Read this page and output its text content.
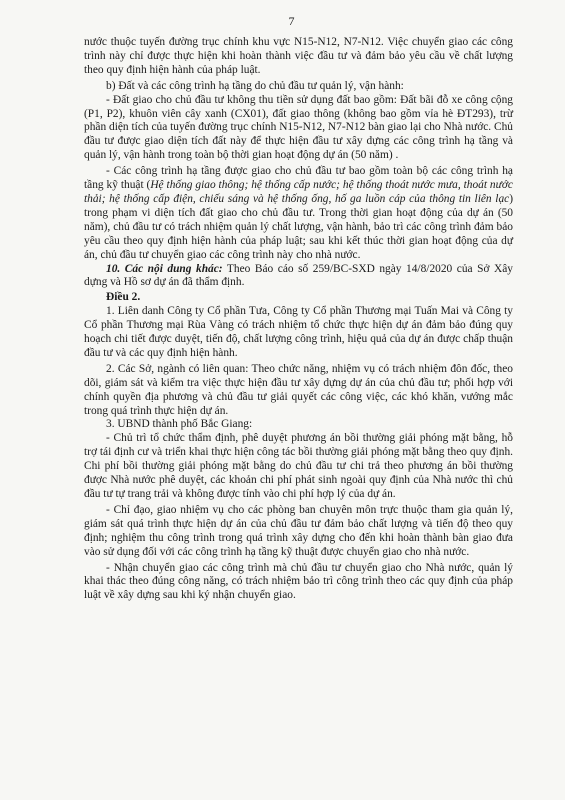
7

nước thuộc tuyến đường trục chính khu vực N15-N12, N7-N12. Việc chuyển giao các công trình này chỉ được thực hiện khi hoàn thành việc đầu tư và đảm bảo yêu cầu về chất lượng theo quy định hiện hành của pháp luật.

b) Đất và các công trình hạ tầng do chủ đầu tư quản lý, vận hành:

- Đất giao cho chủ đầu tư không thu tiền sử dụng đất bao gồm: Đất bãi đỗ xe công cộng (P1, P2), khuôn viên cây xanh (CX01), đất giao thông (không bao gồm vỉa hè ĐT293), trừ phần diện tích của tuyến đường trục chính N15-N12, N7-N12 bàn giao lại cho Nhà nước. Chủ đầu tư được giao diện tích đất này để thực hiện đầu tư xây dựng các công trình hạ tầng và quản lý, vận hành trong toàn bộ thời gian hoạt động dự án (50 năm) .

- Các công trình hạ tầng được giao cho chủ đầu tư bao gồm toàn bộ các công trình hạ tầng kỹ thuật (Hệ thống giao thông; hệ thống cấp nước; hệ thống thoát nước mưa, thoát nước thải; hệ thống cấp điện, chiếu sáng và hệ thống ống, hố ga luồn cáp của thông tin liên lạc) trong phạm vi diện tích đất giao cho chủ đầu tư. Trong thời gian hoạt động của dự án (50 năm), chủ đầu tư có trách nhiệm quản lý chất lượng, vận hành, bảo trì các công trình đảm bảo yêu cầu theo quy định hiện hành của pháp luật; sau khi kết thúc thời gian hoạt động của dự án, chủ đầu tư chuyển giao các công trình này cho nhà nước.

10. Các nội dung khác: Theo Báo cáo số 259/BC-SXD ngày 14/8/2020 của Sở Xây dựng và Hồ sơ dự án đã thẩm định.

Điều 2.

1. Liên danh Công ty Cổ phần Tưa, Công ty Cổ phần Thương mại Tuấn Mai và Công ty Cổ phần Thương mại Rùa Vàng có trách nhiệm tổ chức thực hiện dự án đảm bảo đúng quy hoạch chi tiết được duyệt, tiến độ, chất lượng công trình, hiệu quả của dự án được chấp thuận đầu tư và các quy định hiện hành.

2. Các Sở, ngành có liên quan: Theo chức năng, nhiệm vụ có trách nhiệm đôn đốc, theo dõi, giám sát và kiểm tra việc thực hiện đầu tư xây dựng dự án của chủ đầu tư; phối hợp với chính quyền địa phương và chủ đầu tư giải quyết các công việc, các khó khăn, vướng mắc trong quá trình thực hiện dự án.

3. UBND thành phố Bắc Giang:

- Chủ trì tổ chức thẩm định, phê duyệt phương án bồi thường giải phóng mặt bằng, hỗ trợ tái định cư và triển khai thực hiện công tác bồi thường giải phóng mặt bằng theo quy định. Chi phí bồi thường giải phóng mặt bằng do chủ đầu tư chi trả theo phương án bồi thường được Nhà nước phê duyệt, các khoản chi phí phát sinh ngoài quy định của Nhà nước thì chủ đầu tư tự trang trải và không được tính vào chi phí hợp lý của dự án.

- Chỉ đạo, giao nhiệm vụ cho các phòng ban chuyên môn trực thuộc tham gia quản lý, giám sát quá trình thực hiện dự án của chủ đầu tư đảm bảo chất lượng và tiến độ theo quy định; nghiệm thu công trình trong quá trình xây dựng cho đến khi hoàn thành bàn giao đưa vào sử dụng đối với các công trình hạ tầng kỹ thuật được chuyển giao cho nhà nước.

- Nhận chuyển giao các công trình mà chủ đầu tư chuyển giao cho Nhà nước, quản lý khai thác theo đúng công năng, có trách nhiệm bảo trì công trình theo các quy định của pháp luật về xây dựng sau khi ký nhận chuyển giao.
